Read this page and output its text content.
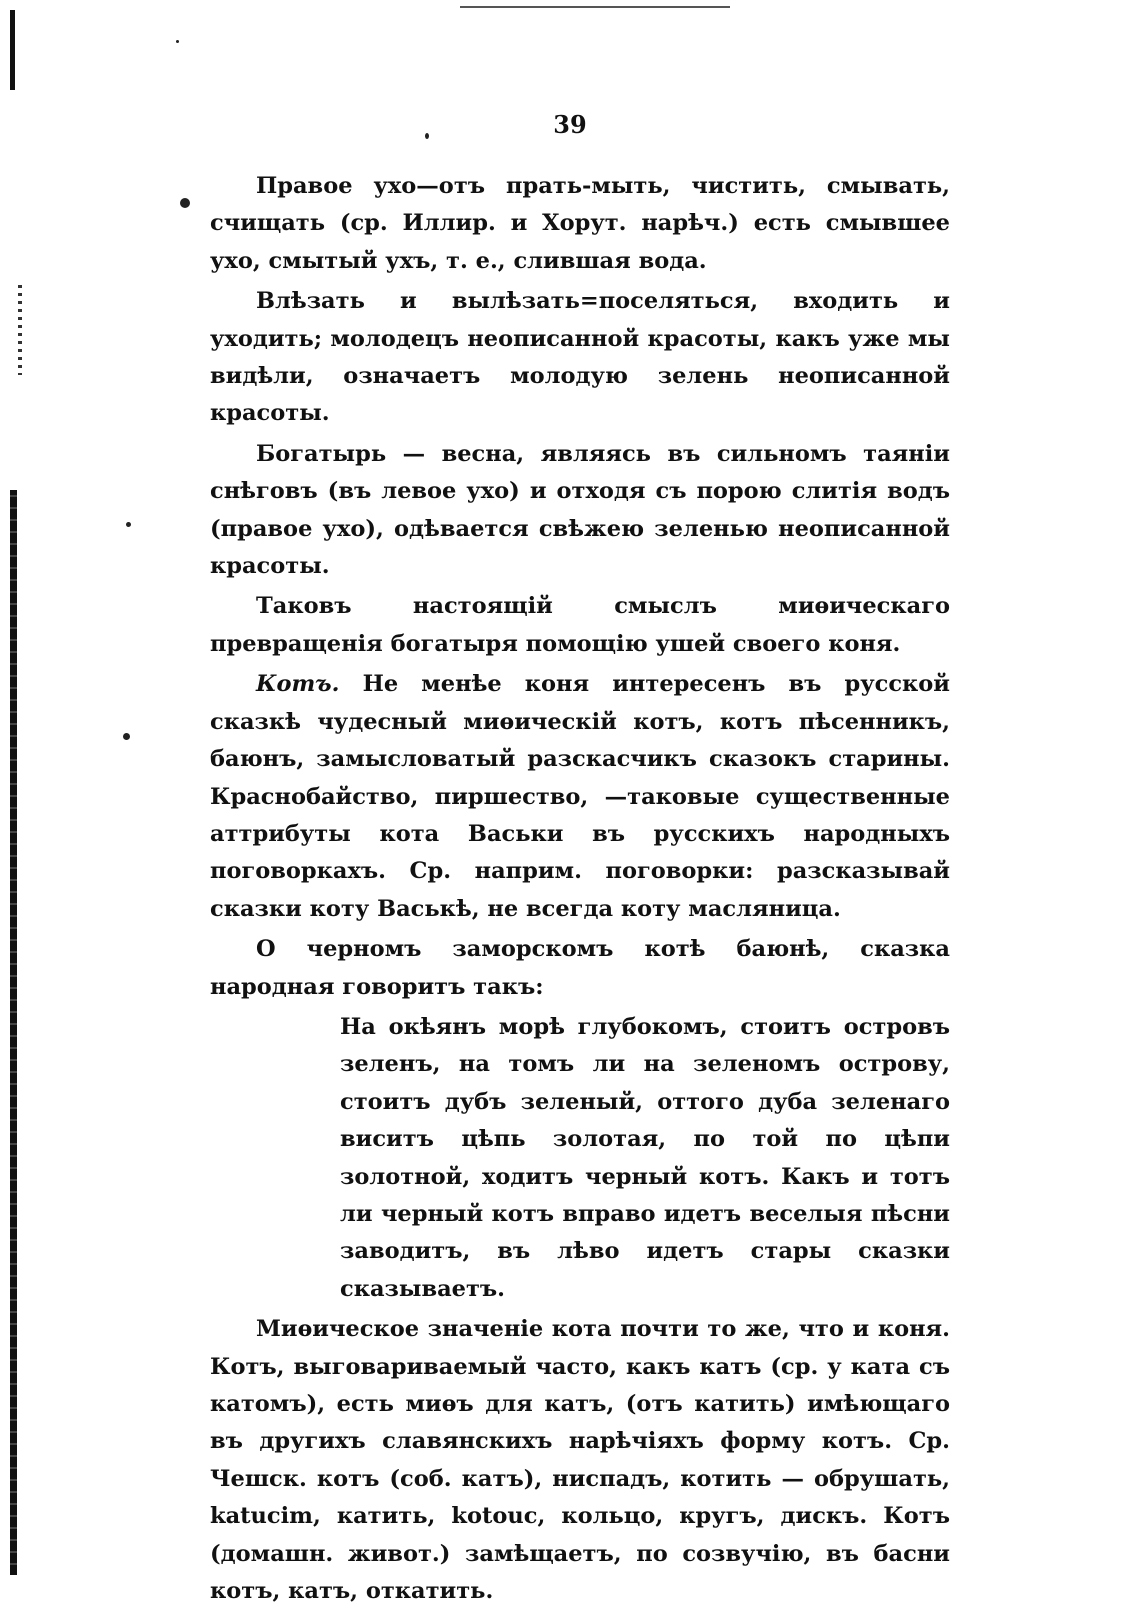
39

Правое ухо—отъ прать-мыть, чистить, смывать, счищать (ср. Иллир. и Хорут. нарѣч.) есть смывшее ухо, смытый ухъ, т. е., слившая вода.

Влѣзать и вылѣзать=поселяться, входить и уходить; молодецъ неописанной красоты, какъ уже мы видѣли, означаетъ молодую зелень неописанной красоты.

Богатырь — весна, являясь въ сильномъ таянiи снѣговъ (въ левое ухо) и отходя съ порою слитiя водъ (правое ухо), одѣвается свѣжею зеленью неописанной красоты.

Таковъ настоящiй смыслъ миѳическаго превращенiя богатыря помощiю ушей своего коня.

Котъ. Не менѣе коня интересенъ въ русской сказкѣ чудесный миѳическiй котъ, котъ пѣсенникъ, баюнъ, замысловатый разскасчикъ сказокъ старины. Краснобайство, пиршество, —таковые существенные аттрибуты кота Васьки въ русскихъ народныхъ поговоркахъ. Ср. наприм. поговорки: разсказывай сказки коту Васькѣ, не всегда коту масляница.

О черномъ заморскомъ котѣ баюнѣ, сказка народная говоритъ такъ:

На окѣянъ морѣ глубокомъ, стоитъ островъ зеленъ, на томъ ли на зеленомъ острову, стоитъ дубъ зеленый, оттого дуба зеленаго виситъ цѣпь золотая, по той по цѣпи золотной, ходитъ черный котъ. Какъ и тотъ ли черный котъ вправо идетъ веселыя пѣсни заводитъ, въ лѣво идетъ стары сказки сказываетъ.

Миѳическое значенiе кота почти то же, что и коня. Котъ, выговариваемый часто, какъ катъ (ср. у ката съ катомъ), есть миѳъ для катъ, (отъ катить) имѣющаго въ другихъ славянскихъ нарѣчiяхъ форму котъ. Ср. Чешск. котъ (соб. катъ), ниспадъ, котить — обрушать, katucim, катить, kotouc, кольцо, кругъ, дискъ. Котъ (домашн. живот.) замѣщаетъ, по созвучiю, въ басни котъ, катъ, откатить.
